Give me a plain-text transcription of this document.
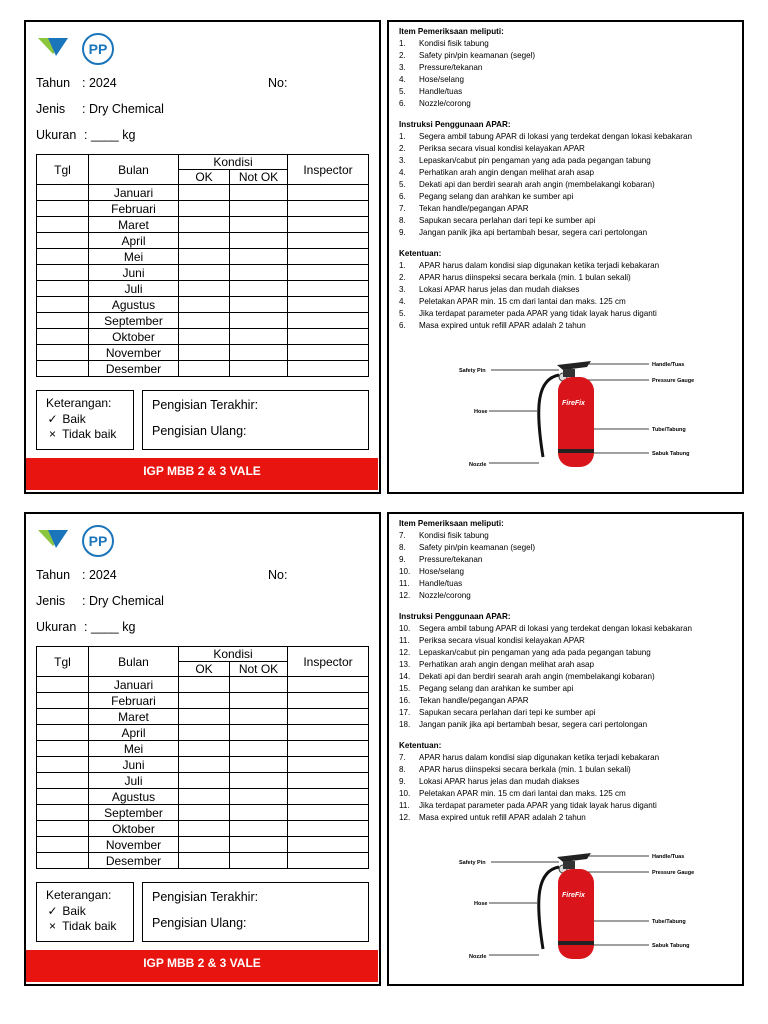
PP
Tahun : 2024	No:
Jenis : Dry Chemical
Ukuran : ____ kg
Tgl	Bulan	Kondisi		Inspector
		OK	Not OK	
	Januari			
	Februari			
	Maret			
	April			
	Mei			
	Juni			
	Juli			
	Agustus			
	September			
	Oktober			
	November			
	Desember			
Keterangan:
✓ Baik
× Tidak baik
Pengisian Terakhir:
Pengisian Ulang:
IGP MBB 2 & 3 VALE
Item Pemeriksaan meliputi:
1. Kondisi fisik tabung
2. Safety pin/pin keamanan (segel)
3. Pressure/tekanan
4. Hose/selang
5. Handle/tuas
6. Nozzle/corong
Instruksi Penggunaan APAR:
1. Segera ambil tabung APAR di lokasi yang terdekat dengan lokasi kebakaran
2. Periksa secara visual kondisi kelayakan APAR
3. Lepaskan/cabut pin pengaman yang ada pada pegangan tabung
4. Perhatikan arah angin dengan melihat arah asap
5. Dekati api dan berdiri searah arah angin (membelakangi kobaran)
6. Pegang selang dan arahkan ke sumber api
7. Tekan handle/pegangan APAR
8. Sapukan secara perlahan dari tepi ke sumber api
9. Jangan panik jika api bertambah besar, segera cari pertolongan
Ketentuan:
1. APAR harus dalam kondisi siap digunakan ketika terjadi kebakaran
2. APAR harus diinspeksi secara berkala (min. 1 bulan sekali)
3. Lokasi APAR harus jelas dan mudah diakses
4. Peletakan APAR min. 15 cm dari lantai dan maks. 125 cm
5. Jika terdapat parameter pada APAR yang tidak layak harus diganti
6. Masa expired untuk refill APAR adalah 2 tahun
Safety Pin
Hose
Nozzle
Handle/Tuas
Pressure Gauge
Tube/Tabung
Sabuk Tabung
FireFix
PP
Tahun : 2024	No:
Jenis : Dry Chemical
Ukuran : ____ kg
Tgl	Bulan	Kondisi		Inspector
		OK	Not OK	
	Januari			
	Februari			
	Maret			
	April			
	Mei			
	Juni			
	Juli			
	Agustus			
	September			
	Oktober			
	November			
	Desember			
Keterangan:
✓ Baik
× Tidak baik
Pengisian Terakhir:
Pengisian Ulang:
IGP MBB 2 & 3 VALE
Item Pemeriksaan meliputi:
7. Kondisi fisik tabung
8. Safety pin/pin keamanan (segel)
9. Pressure/tekanan
10. Hose/selang
11. Handle/tuas
12. Nozzle/corong
Instruksi Penggunaan APAR:
10. Segera ambil tabung APAR di lokasi yang terdekat dengan lokasi kebakaran
11. Periksa secara visual kondisi kelayakan APAR
12. Lepaskan/cabut pin pengaman yang ada pada pegangan tabung
13. Perhatikan arah angin dengan melihat arah asap
14. Dekati api dan berdiri searah arah angin (membelakangi kobaran)
15. Pegang selang dan arahkan ke sumber api
16. Tekan handle/pegangan APAR
17. Sapukan secara perlahan dari tepi ke sumber api
18. Jangan panik jika api bertambah besar, segera cari pertolongan
Ketentuan:
7. APAR harus dalam kondisi siap digunakan ketika terjadi kebakaran
8. APAR harus diinspeksi secara berkala (min. 1 bulan sekali)
9. Lokasi APAR harus jelas dan mudah diakses
10. Peletakan APAR min. 15 cm dari lantai dan maks. 125 cm
11. Jika terdapat parameter pada APAR yang tidak layak harus diganti
12. Masa expired untuk refill APAR adalah 2 tahun
Safety Pin
Hose
Nozzle
Handle/Tuas
Pressure Gauge
Tube/Tabung
Sabuk Tabung
FireFix
